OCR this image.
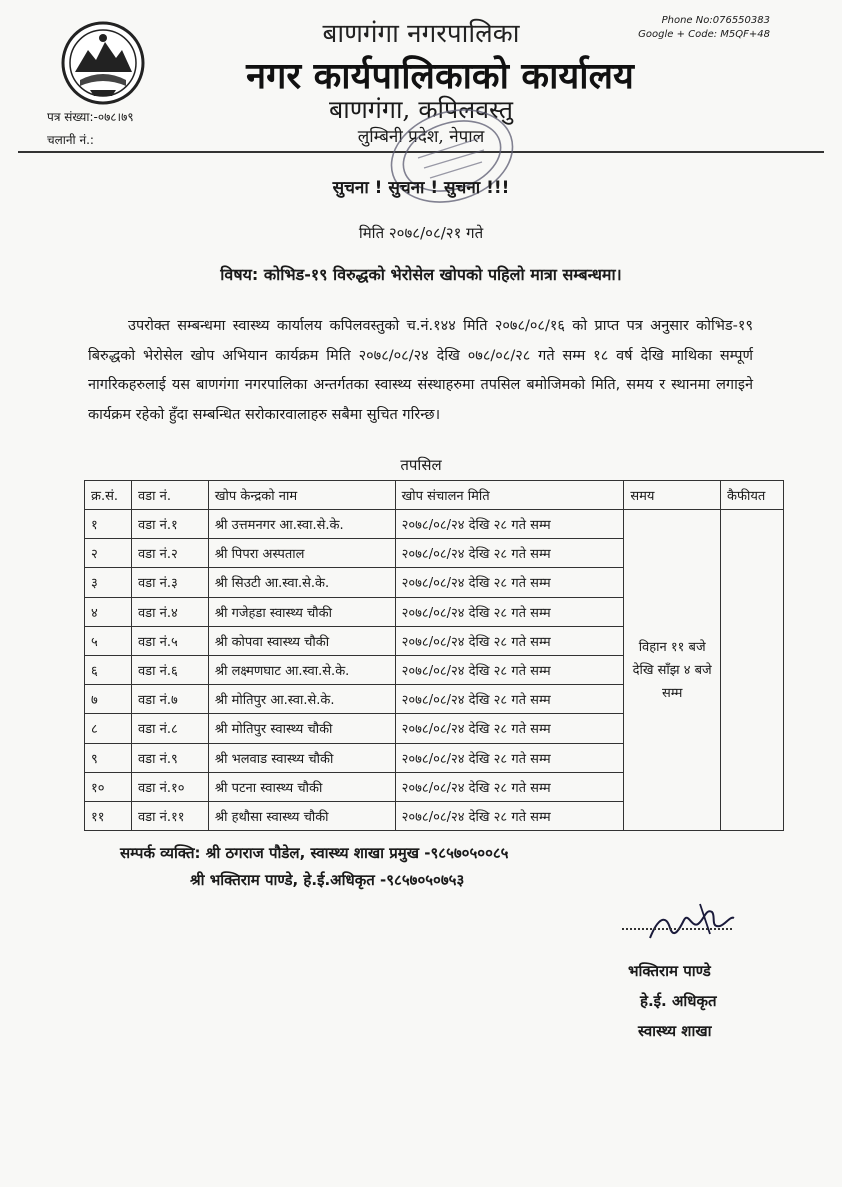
बाणगंगा नगरपालिका
नगर कार्यपालिकाको कार्यालय
बाणगंगा, कपिलवस्तु
लुम्बिनी प्रदेश, नेपाल
Phone No:076550383
Google + Code: M5QF+48
पत्र संख्या:-०७८।७९
चलानी नं.:
सुचना ! सुचना ! सुचना !!!
मिति २०७८/०८/२१ गते
विषय: कोभिड-१९ विरुद्धको भेरोसेल खोपको पहिलो मात्रा सम्बन्धमा।
उपरोक्त सम्बन्धमा स्वास्थ्य कार्यालय कपिलवस्तुको च.नं.१४४ मिति २०७८/०८/१६ को प्राप्त पत्र अनुसार कोभिड-१९ बिरुद्धको भेरोसेल खोप अभियान कार्यक्रम मिति २०७८/०८/२४ देखि ०७८/०८/२८ गते सम्म १८ वर्ष देखि माथिका सम्पूर्ण नागरिकहरुलाई यस बाणगंगा नगरपालिका अन्तर्गतका स्वास्थ्य संस्थाहरुमा तपसिल बमोजिमको मिति, समय र स्थानमा लगाइने कार्यक्रम रहेको हुँदा सम्बन्धित सरोकारवालाहरु सबैमा सुचित गरिन्छ।
तपसिल
क्र.सं.	वडा नं.	खोप केन्द्रको नाम	खोप संचालन मिति	समय	कैफीयत
१	वडा नं.१	श्री उत्तमनगर आ.स्वा.से.के.	२०७८/०८/२४ देखि २८ गते सम्म	विहान ११ बजे देखि साँझ ४ बजे सम्म	
२	वडा नं.२	श्री पिपरा अस्पताल	२०७८/०८/२४ देखि २८ गते सम्म		
३	वडा नं.३	श्री सिउटी आ.स्वा.से.के.	२०७८/०८/२४ देखि २८ गते सम्म		
४	वडा नं.४	श्री गजेहडा स्वास्थ्य चौकी	२०७८/०८/२४ देखि २८ गते सम्म		
५	वडा नं.५	श्री कोपवा स्वास्थ्य चौकी	२०७८/०८/२४ देखि २८ गते सम्म		
६	वडा नं.६	श्री लक्ष्मणघाट आ.स्वा.से.के.	२०७८/०८/२४ देखि २८ गते सम्म		
७	वडा नं.७	श्री मोतिपुर आ.स्वा.से.के.	२०७८/०८/२४ देखि २८ गते सम्म		
८	वडा नं.८	श्री मोतिपुर स्वास्थ्य चौकी	२०७८/०८/२४ देखि २८ गते सम्म		
९	वडा नं.९	श्री भलवाड स्वास्थ्य चौकी	२०७८/०८/२४ देखि २८ गते सम्म		
१०	वडा नं.१०	श्री पटना स्वास्थ्य चौकी	२०७८/०८/२४ देखि २८ गते सम्म		
११	वडा नं.११	श्री हथौसा स्वास्थ्य चौकी	२०७८/०८/२४ देखि २८ गते सम्म		
सम्पर्क व्यक्ति: श्री ठगराज पौडेल, स्वास्थ्य शाखा प्रमुख -९८५७०५००८५
श्री भक्तिराम पाण्डे, हे.ई.अधिकृत -९८५७०५०७५३
भक्तिराम पाण्डे
हे.ई. अधिकृत
स्वास्थ्य शाखा
